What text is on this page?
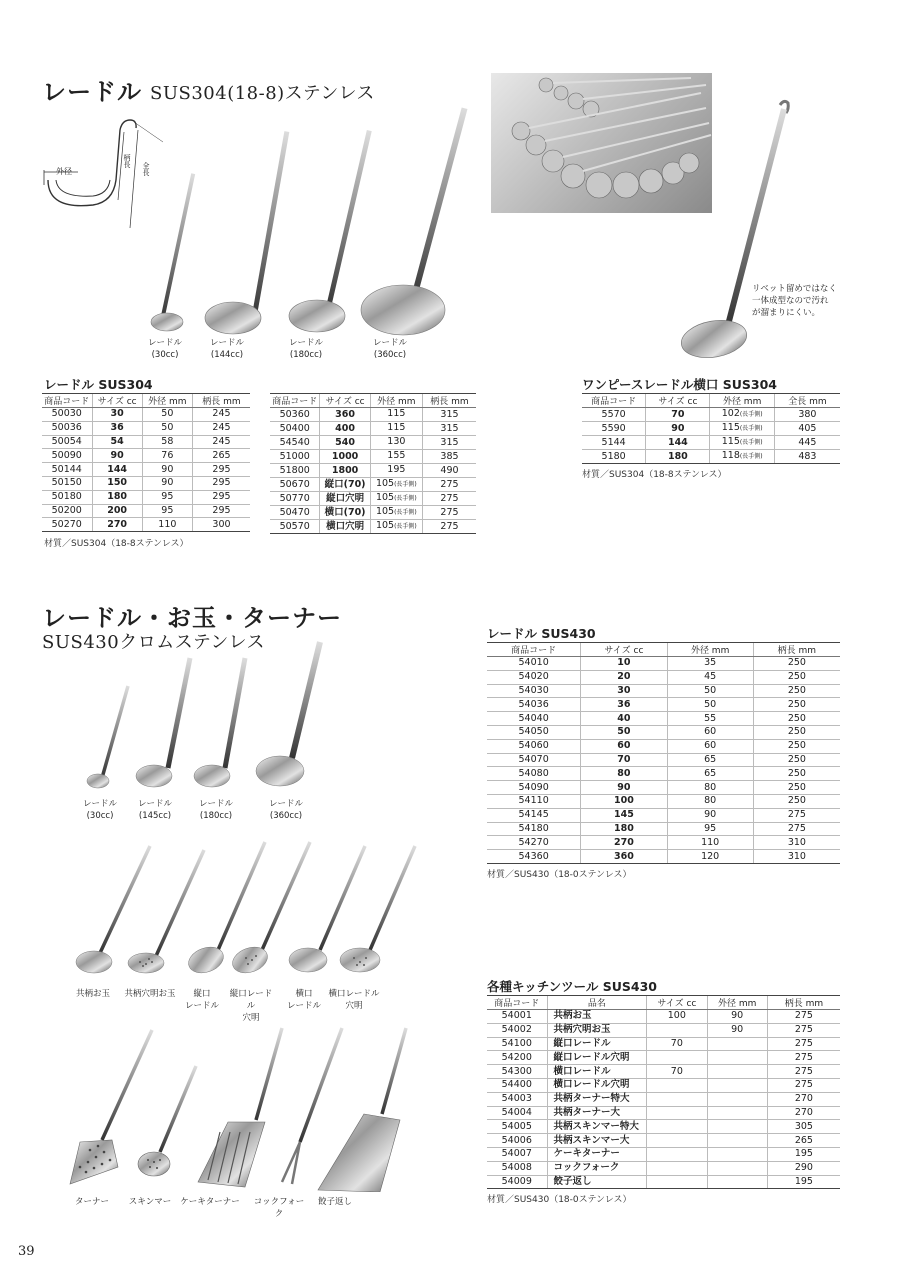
レードル SUS304(18-8)ステンレス
外径
柄長
全長
レードル
(30cc)
レードル
(144cc)
レードル
(180cc)
レードル
(360cc)
リベット留めではなく
一体成型なので汚れ
が溜まりにくい。
レードル SUS304
商品コード	サイズ cc	外径 mm	柄長 mm
50030	30	50	245
50036	36	50	245
50054	54	58	245
50090	90	76	265
50144	144	90	295
50150	150	90	295
50180	180	95	295
50200	200	95	295
50270	270	110	300
商品コード	サイズ cc	外径 mm	柄長 mm
50360	360	115	315
50400	400	115	315
54540	540	130	315
51000	1000	155	385
51800	1800	195	490
50670	縦口(70)	105(長手側)	275
50770	縦口穴明	105(長手側)	275
50470	横口(70)	105(長手側)	275
50570	横口穴明	105(長手側)	275
材質／SUS304（18-8ステンレス）
ワンピースレードル横口 SUS304
商品コード	サイズ cc	外径 mm	全長 mm
5570	70	102(長手側)	380
5590	90	115(長手側)	405
5144	144	115(長手側)	445
5180	180	118(長手側)	483
材質／SUS304（18-8ステンレス）
レードル・お玉・ターナー
SUS430クロムステンレス
レードル
(30cc)
レードル
(145cc)
レードル
(180cc)
レードル
(360cc)
共柄お玉	共柄穴明お玉	縦口
レードル
縦口レードル
穴明
横口
レードル
横口レードル
穴明
ターナー	スキンマー	ケーキターナー	コックフォーク
餃子返し
レードル SUS430
商品コード	サイズ cc	外径 mm	柄長 mm
54010	10	35	250
54020	20	45	250
54030	30	50	250
54036	36	50	250
54040	40	55	250
54050	50	60	250
54060	60	60	250
54070	70	65	250
54080	80	65	250
54090	90	80	250
54110	100	80	250
54145	145	90	275
54180	180	95	275
54270	270	110	310
54360	360	120	310
材質／SUS430（18-0ステンレス）
各種キッチンツール SUS430
商品コード	品名	サイズ cc	外径 mm	柄長 mm
54001	共柄お玉	100	90	275
54002	共柄穴明お玉		90	275
54100	縦口レードル	70		275
54200	縦口レードル穴明			275
54300	横口レードル	70		275
54400	横口レードル穴明			275
54003	共柄ターナー特大			270
54004	共柄ターナー大			270
54005	共柄スキンマー特大			305
54006	共柄スキンマー大			265
54007	ケーキターナー			195
54008	コックフォーク			290
54009	餃子返し			195
材質／SUS430（18-0ステンレス）
39
